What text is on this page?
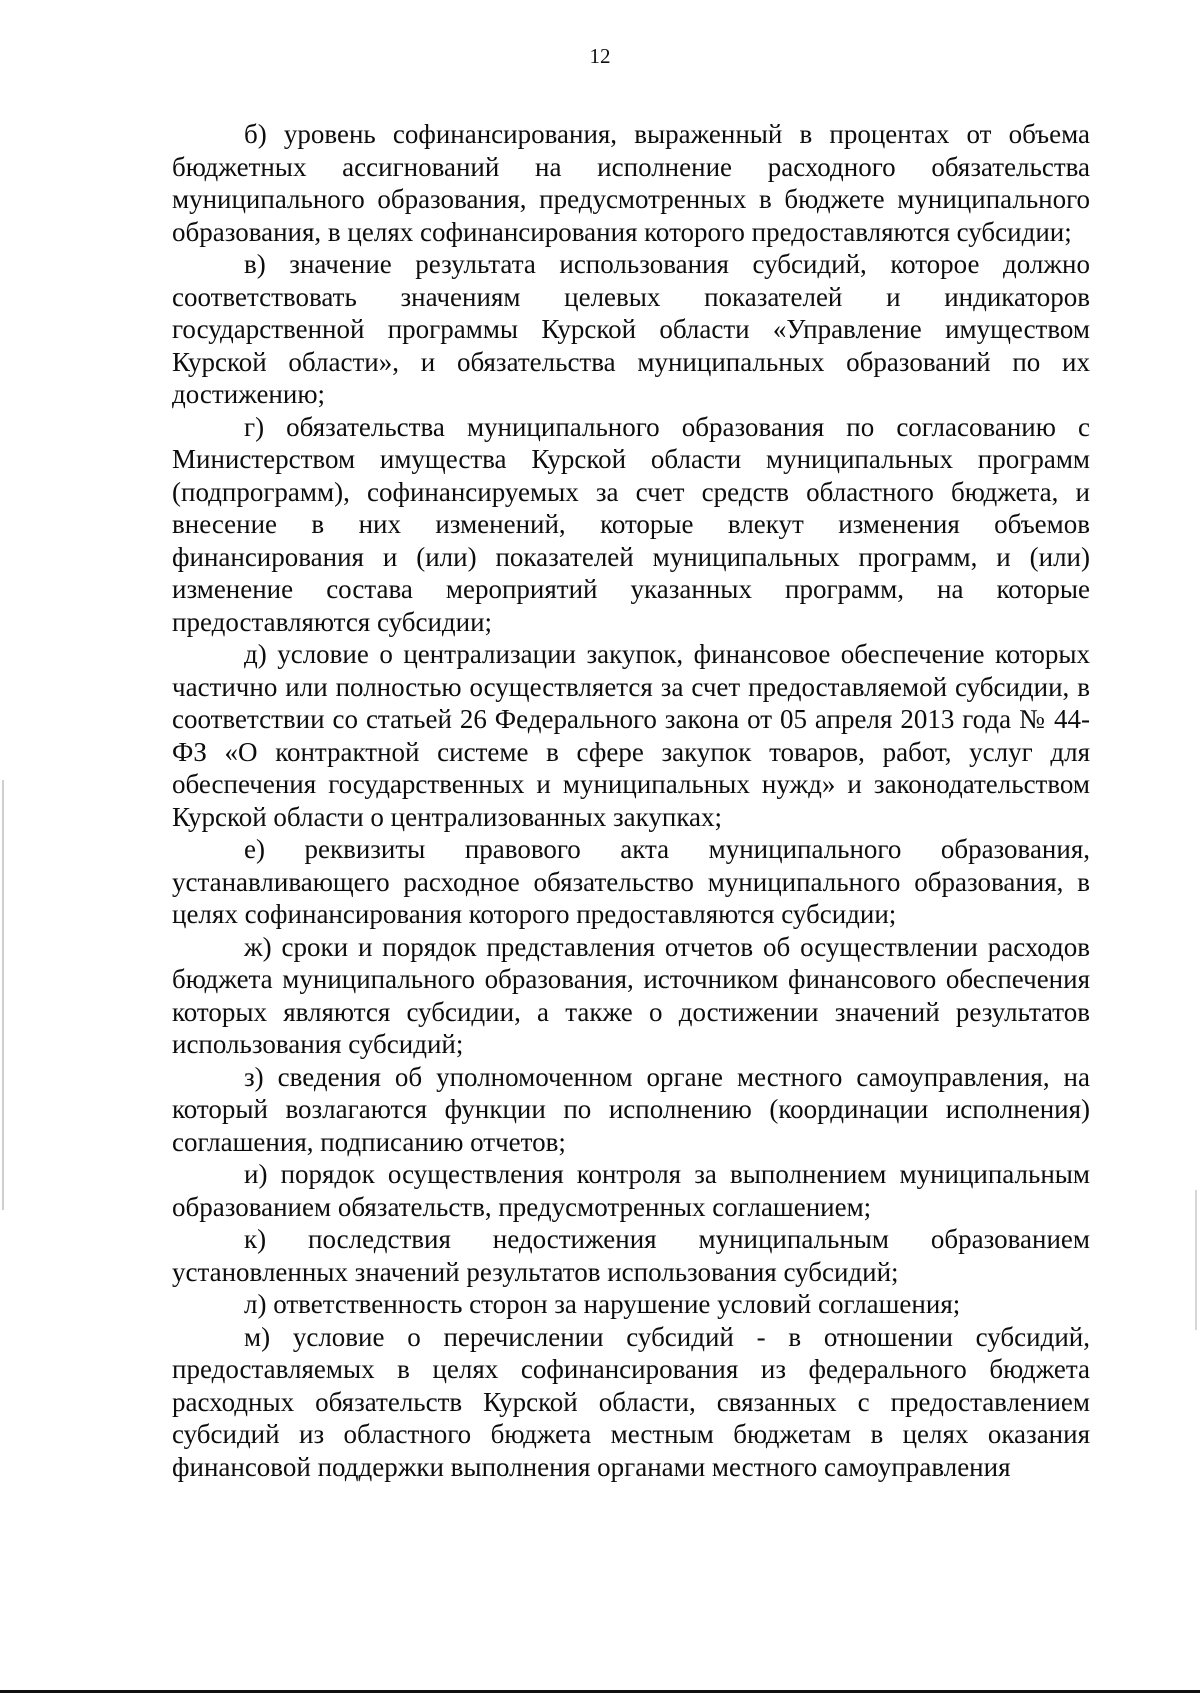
12

б) уровень софинансирования, выраженный в процентах от объема бюджетных ассигнований на исполнение расходного обязательства муниципального образования, предусмотренных в бюджете муниципального образования, в целях софинансирования которого предоставляются субсидии;

в) значение результата использования субсидий, которое должно соответствовать значениям целевых показателей и индикаторов государственной программы Курской области «Управление имуществом Курской области», и обязательства муниципальных образований по их достижению;

г) обязательства муниципального образования по согласованию с Министерством имущества Курской области муниципальных программ (подпрограмм), софинансируемых за счет средств областного бюджета, и внесение в них изменений, которые влекут изменения объемов финансирования и (или) показателей муниципальных программ, и (или) изменение состава мероприятий указанных программ, на которые предоставляются субсидии;

д) условие о централизации закупок, финансовое обеспечение которых частично или полностью осуществляется за счет предоставляемой субсидии, в соответствии со статьей 26 Федерального закона от 05 апреля 2013 года № 44-ФЗ «О контрактной системе в сфере закупок товаров, работ, услуг для обеспечения государственных и муниципальных нужд» и законодательством Курской области о централизованных закупках;

е) реквизиты правового акта муниципального образования, устанавливающего расходное обязательство муниципального образования, в целях софинансирования которого предоставляются субсидии;

ж) сроки и порядок представления отчетов об осуществлении расходов бюджета муниципального образования, источником финансового обеспечения которых являются субсидии, а также о достижении значений результатов использования субсидий;

з) сведения об уполномоченном органе местного самоуправления, на который возлагаются функции по исполнению (координации исполнения) соглашения, подписанию отчетов;

и) порядок осуществления контроля за выполнением муниципальным образованием обязательств, предусмотренных соглашением;

к) последствия недостижения муниципальным образованием установленных значений результатов использования субсидий;

л) ответственность сторон за нарушение условий соглашения;

м) условие о перечислении субсидий - в отношении субсидий, предоставляемых в целях софинансирования из федерального бюджета расходных обязательств Курской области, связанных с предоставлением субсидий из областного бюджета местным бюджетам в целях оказания финансовой поддержки выполнения органами местного самоуправления
